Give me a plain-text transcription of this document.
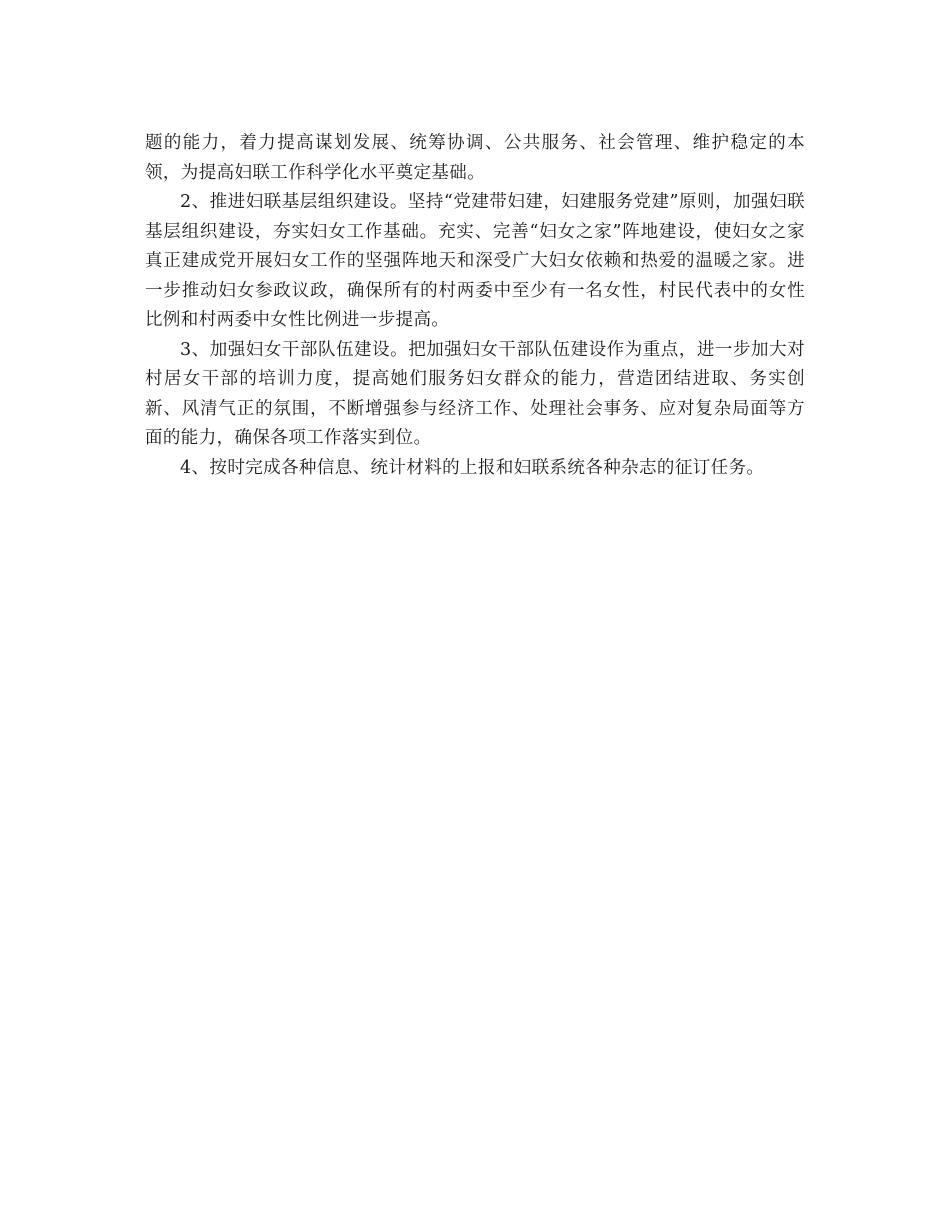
题的能力，着力提高谋划发展、统筹协调、公共服务、社会管理、维护稳定的本领，为提高妇联工作科学化水平奠定基础。

2、推进妇联基层组织建设。坚持“党建带妇建，妇建服务党建”原则，加强妇联基层组织建设，夯实妇女工作基础。充实、完善“妇女之家”阵地建设，使妇女之家真正建成党开展妇女工作的坚强阵地天和深受广大妇女依赖和热爱的温暖之家。进一步推动妇女参政议政，确保所有的村两委中至少有一名女性，村民代表中的女性比例和村两委中女性比例进一步提高。

3、加强妇女干部队伍建设。把加强妇女干部队伍建设作为重点，进一步加大对村居女干部的培训力度，提高她们服务妇女群众的能力，营造团结进取、务实创新、风清气正的氛围，不断增强参与经济工作、处理社会事务、应对复杂局面等方面的能力，确保各项工作落实到位。

4、按时完成各种信息、统计材料的上报和妇联系统各种杂志的征订任务。
